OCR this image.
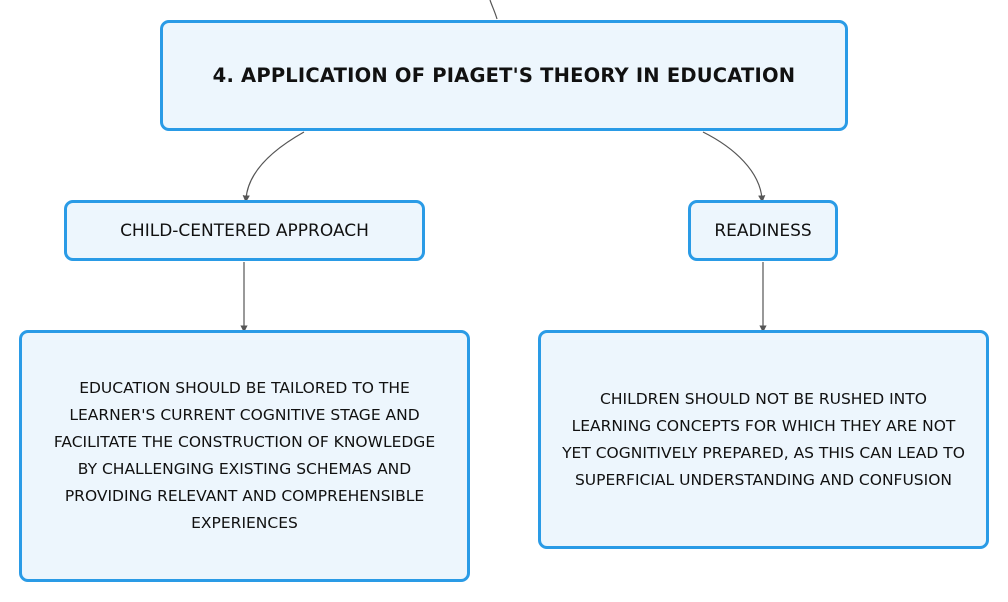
4. APPLICATION OF PIAGET'S THEORY IN EDUCATION
CHILD-CENTERED APPROACH	READINESS
EDUCATION SHOULD BE TAILORED TO THE
LEARNER'S CURRENT COGNITIVE STAGE AND
FACILITATE THE CONSTRUCTION OF KNOWLEDGE
BY CHALLENGING EXISTING SCHEMAS AND
PROVIDING RELEVANT AND COMPREHENSIBLE
EXPERIENCES
CHILDREN SHOULD NOT BE RUSHED INTO
LEARNING CONCEPTS FOR WHICH THEY ARE NOT
YET COGNITIVELY PREPARED, AS THIS CAN LEAD TO
SUPERFICIAL UNDERSTANDING AND CONFUSION
